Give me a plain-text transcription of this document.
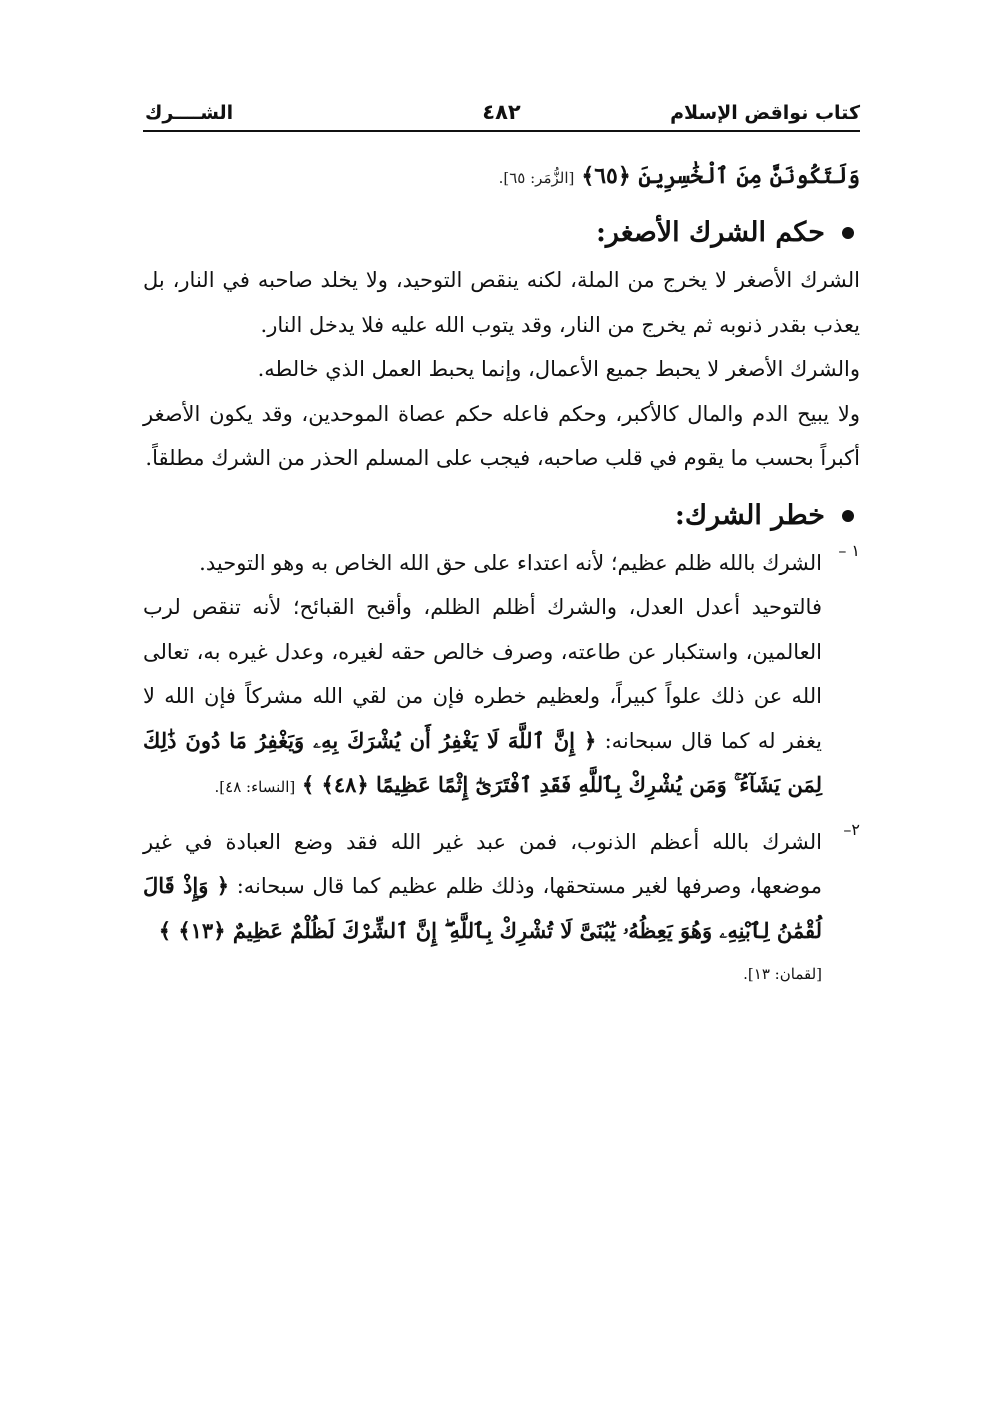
كتاب نواقض الإسلام
٤٨٢
الشــــرك
وَلَتَكُونَنَّ مِنَ ٱلْخَٰسِرِينَ ﴿٦٥﴾ [الزُّمَر: ٦٥].
حكم الشرك الأصغر:

الشرك الأصغر لا يخرج من الملة، لكنه ينقص التوحيد، ولا يخلد صاحبه في النار، بل يعذب بقدر ذنوبه ثم يخرج من النار، وقد يتوب الله عليه فلا يدخل النار.

والشرك الأصغر لا يحبط جميع الأعمال، وإنما يحبط العمل الذي خالطه.

ولا يبيح الدم والمال كالأكبر، وحكم فاعله حكم عصاة الموحدين، وقد يكون الأصغر أكبراً بحسب ما يقوم في قلب صاحبه، فيجب على المسلم الحذر من الشرك مطلقاً.

خطر الشرك:
١ –

الشرك بالله ظلم عظيم؛ لأنه اعتداء على حق الله الخاص به وهو التوحيد.

فالتوحيد أعدل العدل، والشرك أظلم الظلم، وأقبح القبائح؛ لأنه تنقص لرب العالمين، واستكبار عن طاعته، وصرف خالص حقه لغيره، وعدل غيره به، تعالى الله عن ذلك علواً كبيراً، ولعظيم خطره فإن من لقي الله مشركاً فإن الله لا يغفر له كما قال سبحانه: ﴿ إِنَّ ٱللَّهَ لَا يَغْفِرُ أَن يُشْرَكَ بِهِۦ وَيَغْفِرُ مَا دُونَ ذَٰلِكَ لِمَن يَشَآءُ ۚ وَمَن يُشْرِكْ بِٱللَّهِ فَقَدِ ٱفْتَرَىٰٓ إِثْمًا عَظِيمًا ﴿٤٨﴾ ﴾ [النساء: ٤٨].

٢–

الشرك بالله أعظم الذنوب، فمن عبد غير الله فقد وضع العبادة في غير موضعها، وصرفها لغير مستحقها، وذلك ظلم عظيم كما قال سبحانه: ﴿ وَإِذْ قَالَ لُقْمَٰنُ لِٱبْنِهِۦ وَهُوَ يَعِظُهُۥ يَٰبُنَىَّ لَا تُشْرِكْ بِٱللَّهِ ۖ إِنَّ ٱلشِّرْكَ لَظُلْمٌ عَظِيمٌ ﴿١٣﴾ ﴾

[لقمان: ١٣].
